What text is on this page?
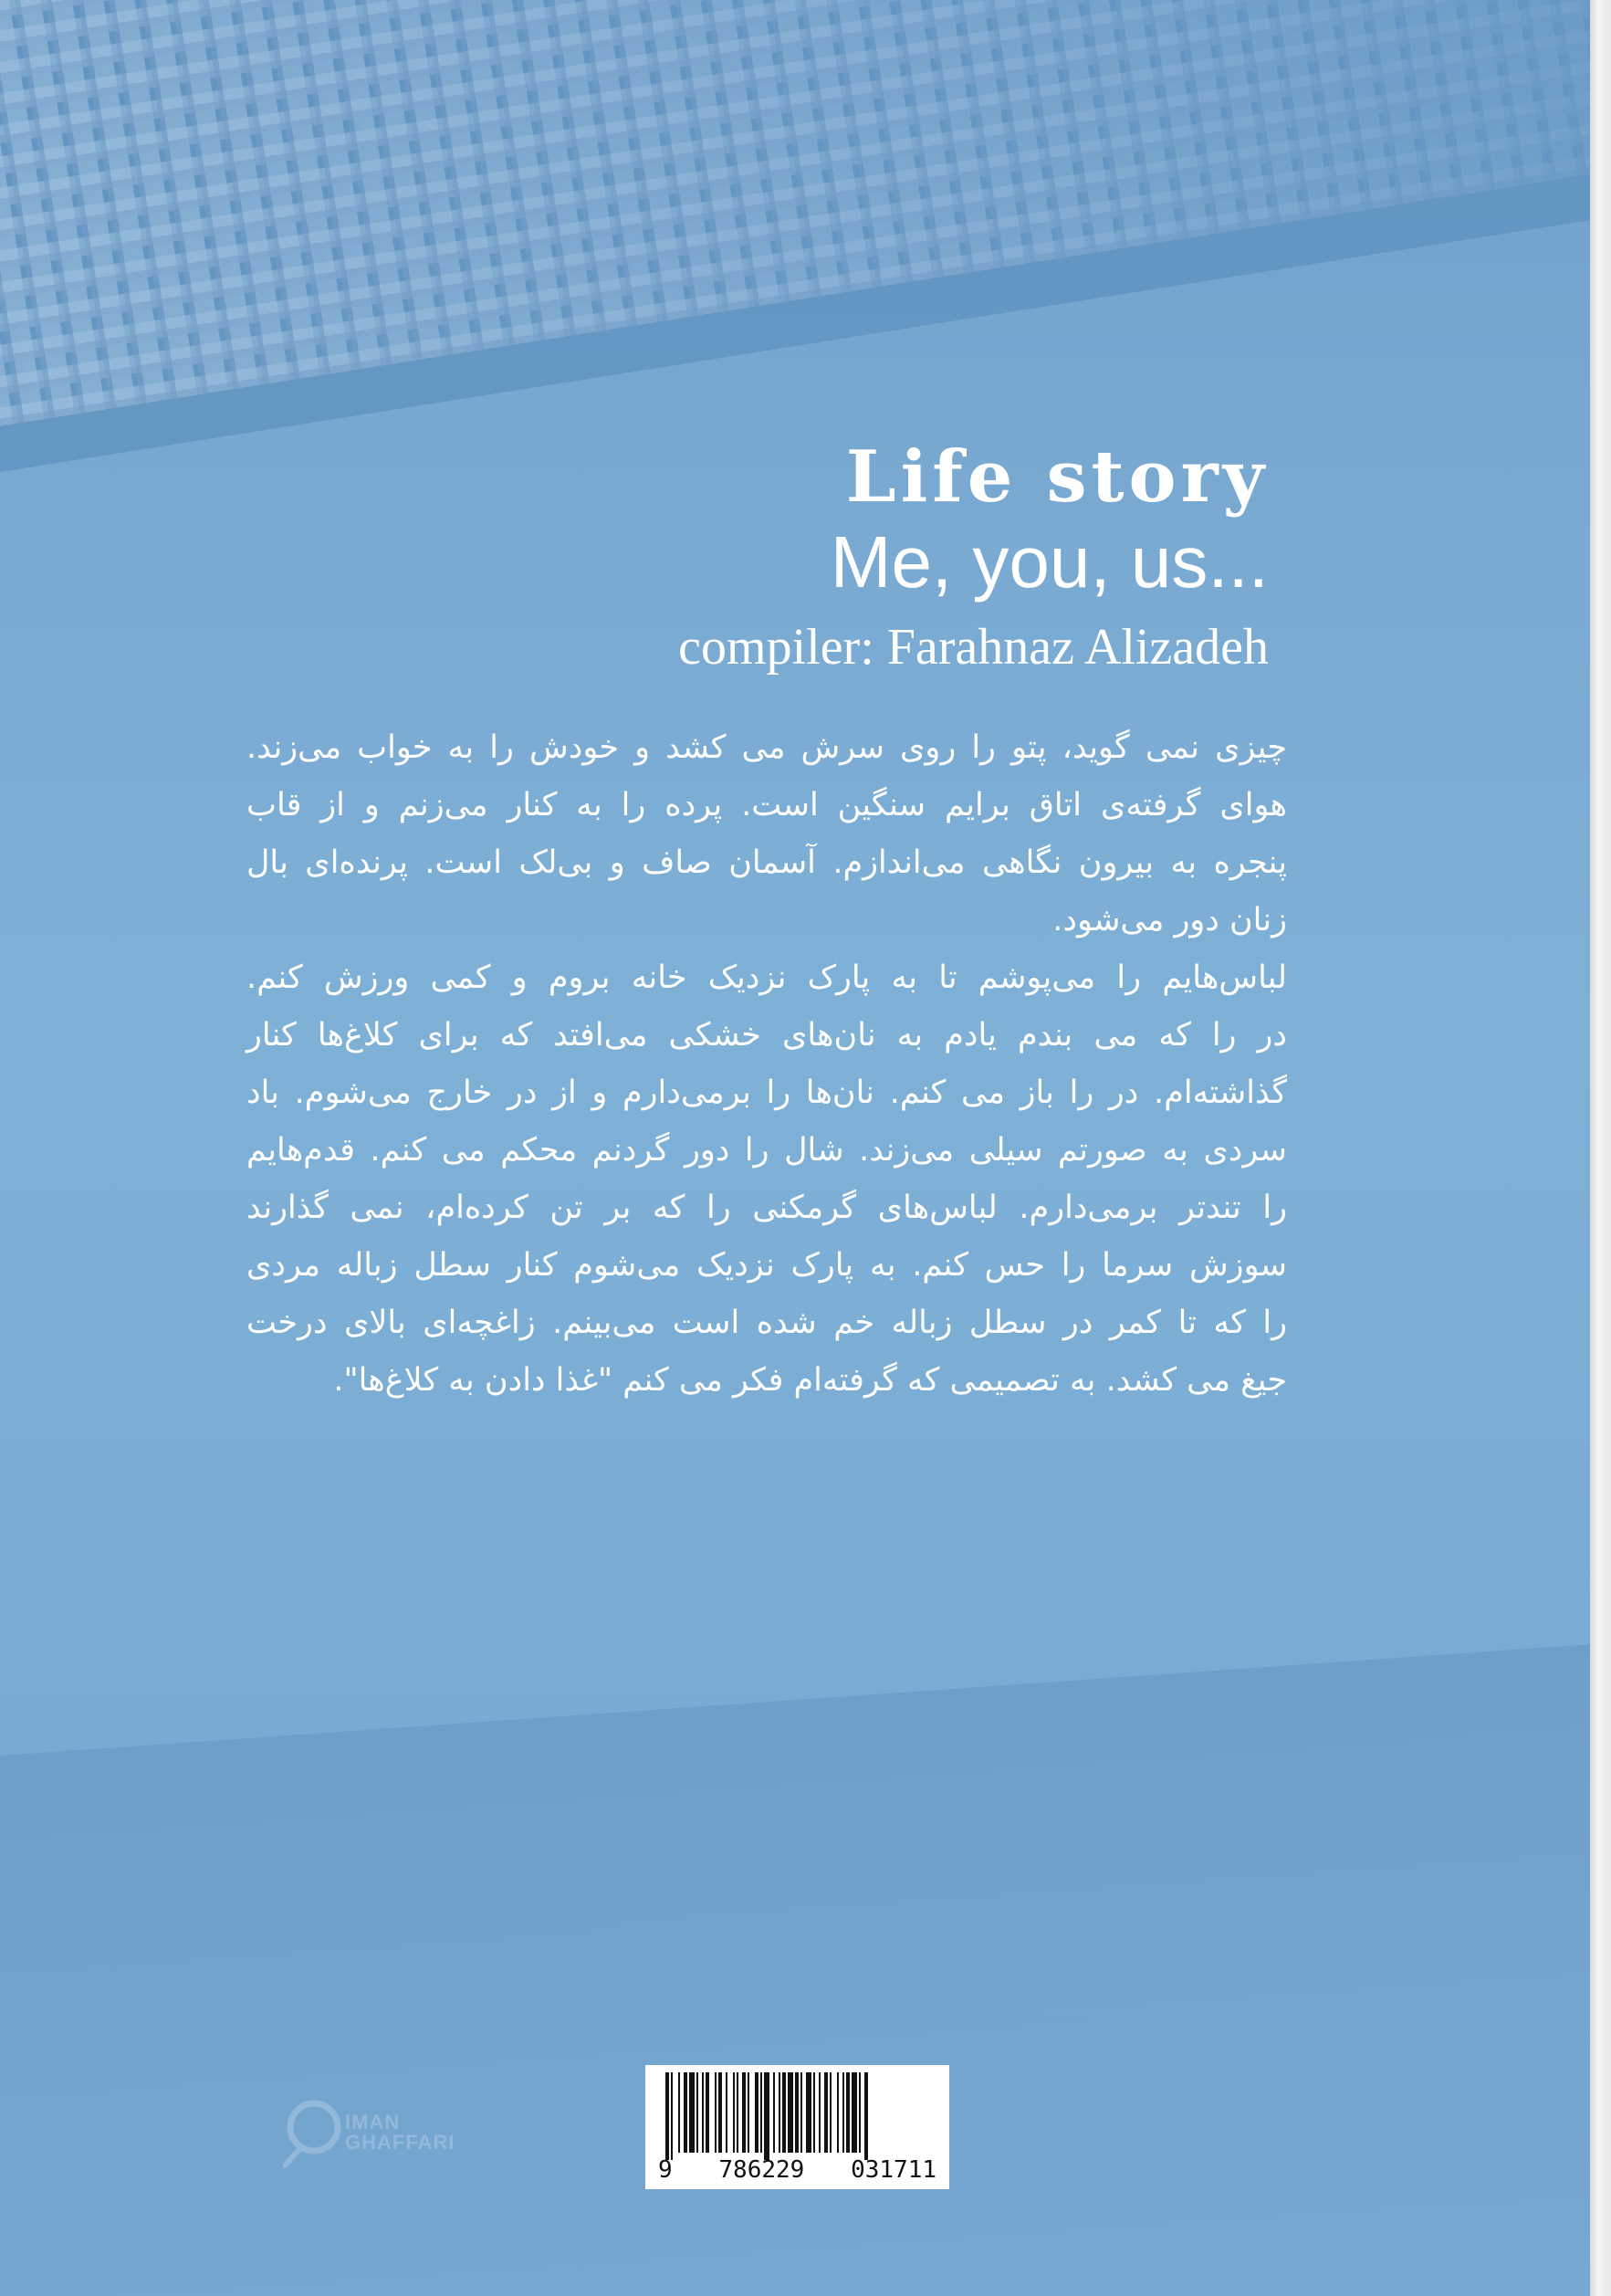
Life story
Me, you, us...
compiler: Farahnaz Alizadeh
چیزی نمی گوید، پتو را روی سرش می کشد و خودش را به خواب می‌زند.
هوای گرفته‌ی اتاق برایم سنگین است. پرده را به کنار می‌زنم و از قاب
پنجره به بیرون نگاهی می‌اندازم. آسمان صاف و بی‌لک است. پرنده‌ای بال
زنان دور می‌شود.
لباس‌هایم را می‌پوشم تا به پارک نزدیک خانه بروم و کمی ورزش کنم.
در را که می بندم یادم به نان‌های خشکی می‌افتد که برای کلاغ‌ها کنار
گذاشته‌ام. در را باز می کنم. نان‌ها را برمی‌دارم و از در خارج می‌شوم. باد
سردی به صورتم سیلی می‌زند. شال را دور گردنم محکم می کنم. قدم‌هایم
را تندتر برمی‌دارم. لباس‌های گرمکنی را که بر تن کرده‌ام، نمی گذارند
سوزش سرما را حس کنم. به پارک نزدیک می‌شوم کنار سطل زباله مردی
را که تا کمر در سطل زباله خم شده است می‌بینم. زاغچه‌ای بالای درخت
جیغ می کشد. به تصمیمی که گرفته‌ام فکر می کنم "غذا دادن به کلاغ‌ها".
IMAN
GHAFFARI
9 786229 031711
